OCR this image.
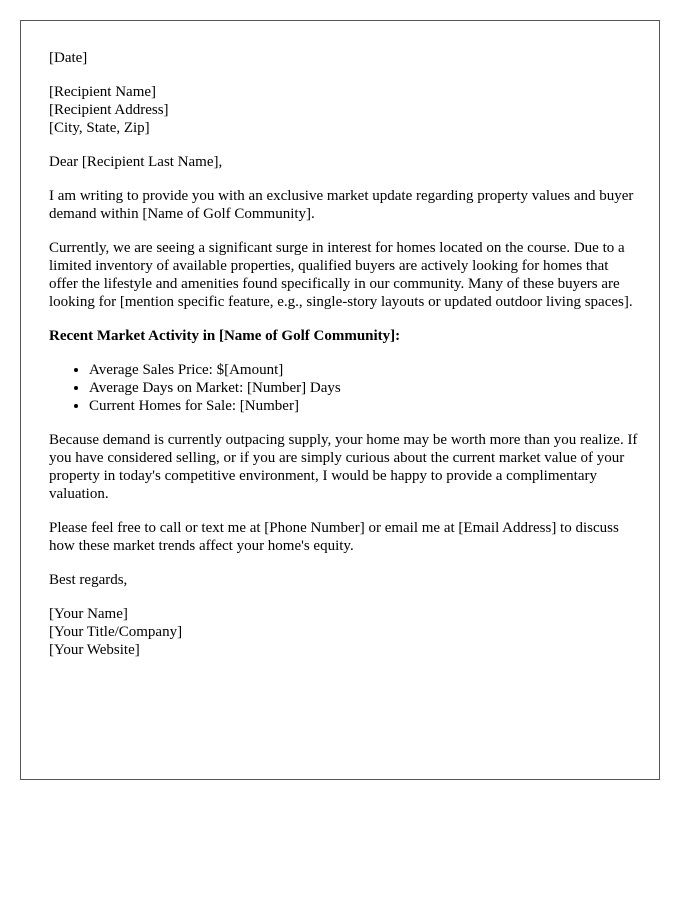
[Date]

[Recipient Name]
[Recipient Address]
[City, State, Zip]

Dear [Recipient Last Name],

I am writing to provide you with an exclusive market update regarding property values and buyer demand within [Name of Golf Community].

Currently, we are seeing a significant surge in interest for homes located on the course. Due to a limited inventory of available properties, qualified buyers are actively looking for homes that offer the lifestyle and amenities found specifically in our community. Many of these buyers are looking for [mention specific feature, e.g., single-story layouts or updated outdoor living spaces].

Recent Market Activity in [Name of Golf Community]:

• Average Sales Price: $[Amount]
• Average Days on Market: [Number] Days
• Current Homes for Sale: [Number]

Because demand is currently outpacing supply, your home may be worth more than you realize. If you have considered selling, or if you are simply curious about the current market value of your property in today's competitive environment, I would be happy to provide a complimentary valuation.

Please feel free to call or text me at [Phone Number] or email me at [Email Address] to discuss how these market trends affect your home's equity.

Best regards,

[Your Name]
[Your Title/Company]
[Your Website]
